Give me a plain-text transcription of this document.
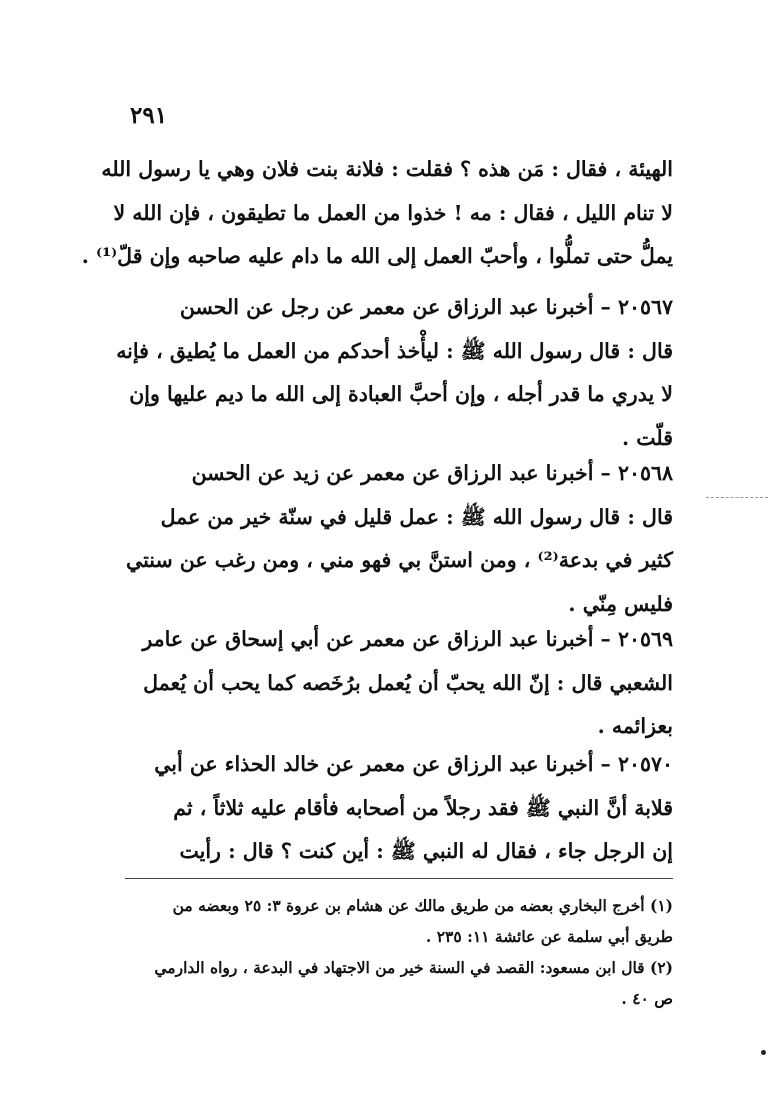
٢٩١
الهيئة ، فقال : مَن هذه ؟ فقلت : فلانة بنت فلان وهي يا رسول الله
لا تنام الليل ، فقال : مه ! خذوا من العمل ما تطيقون ، فإن الله لا
يملُّ حتى تملُّوا ، وأحبّ العمل إلى الله ما دام عليه صاحبه وإن قلّ⁽¹⁾ .
٢٠٥٦٧ – أخبرنا عبد الرزاق عن معمر عن رجل عن الحسن
قال : قال رسول الله ﷺ : ليأْخذ أحدكم من العمل ما يُطيق ، فإنه
لا يدري ما قدر أجله ، وإن أحبَّ العبادة إلى الله ما ديم عليها وإن
قلّت .
٢٠٥٦٨ – أخبرنا عبد الرزاق عن معمر عن زيد عن الحسن
قال : قال رسول الله ﷺ : عمل قليل في سنّة خير من عمل
كثير في بدعة⁽²⁾ ، ومن استنَّ بي فهو مني ، ومن رغب عن سنتي
فليس مِنّي .
٢٠٥٦٩ – أخبرنا عبد الرزاق عن معمر عن أبي إسحاق عن عامر
الشعبي قال : إنّ الله يحبّ أن يُعمل برُخَصه كما يحب أن يُعمل
بعزائمه .
٢٠٥٧٠ – أخبرنا عبد الرزاق عن معمر عن خالد الحذاء عن أبي
قلابة أنَّ النبي ﷺ فقد رجلاً من أصحابه فأقام عليه ثلاثاً ، ثم
إن الرجل جاء ، فقال له النبي ﷺ : أين كنت ؟ قال : رأيت
(١) أخرج البخاري بعضه من طريق مالك عن هشام بن عروة ٣: ٢٥ وبعضه من
طريق أبي سلمة عن عائشة ١١: ٢٣٥ .
(٢) قال ابن مسعود: القصد في السنة خير من الاجتهاد في البدعة ، رواه الدارمي
ص ٤٠ .
